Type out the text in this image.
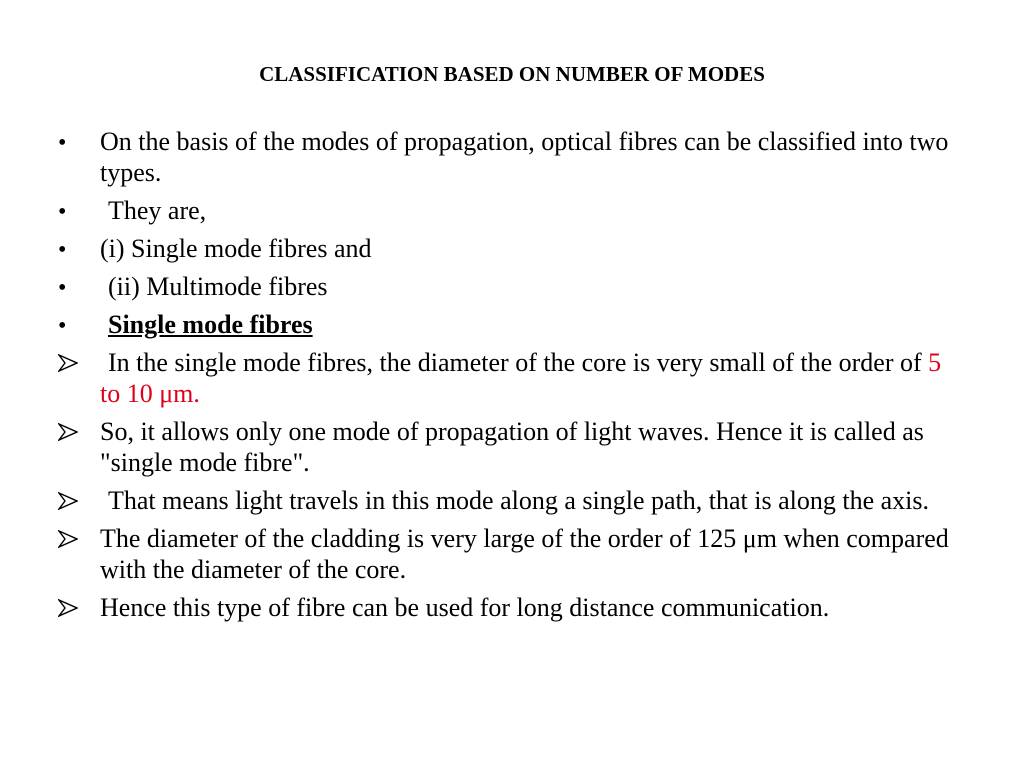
CLASSIFICATION BASED ON NUMBER OF MODES
•
On the basis of the modes of propagation, optical fibres can be classified into two types.
•
They are,
•
(i) Single mode fibres and
•
(ii) Multimode fibres
•
Single mode fibres
In the single mode fibres, the diameter of the core is very small of the order of 5 to 10 μm.
So, it allows only one mode of propagation of light waves. Hence it is called as "single mode fibre".
That means light travels in this mode along a single path, that is along the axis.
The diameter of the cladding is very large of the order of 125 μm when compared with the diameter of the core.
Hence this type of fibre can be used for long distance communication.
